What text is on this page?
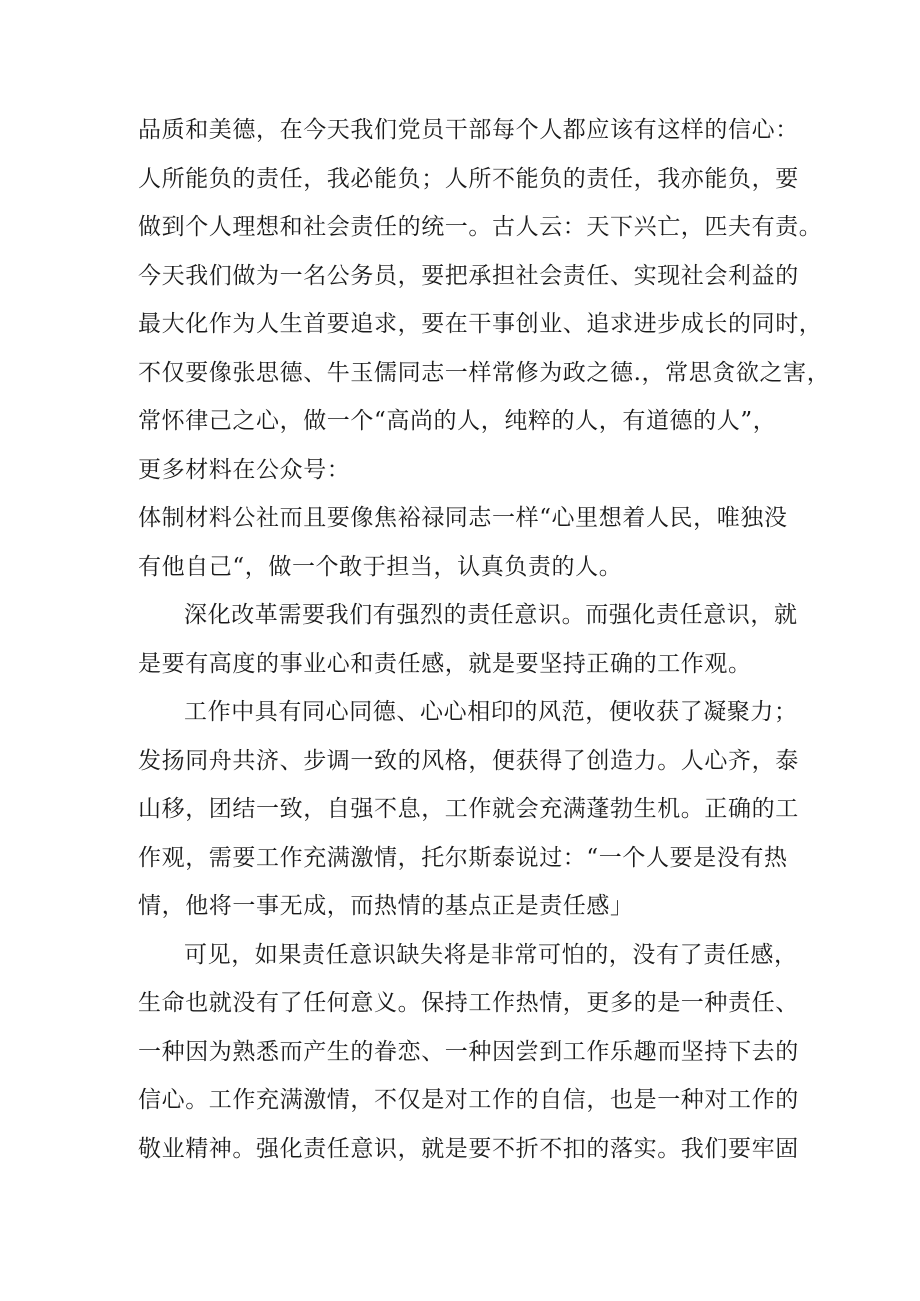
品质和美德，在今天我们党员干部每个人都应该有这样的信心：
人所能负的责任，我必能负；人所不能负的责任，我亦能负，要
做到个人理想和社会责任的统一。古人云：天下兴亡，匹夫有责。
今天我们做为一名公务员，要把承担社会责任、实现社会利益的
最大化作为人生首要追求，要在干事创业、追求进步成长的同时，
不仅要像张思德、牛玉儒同志一样常修为政之德.，常思贪欲之害，
常怀律己之心，做一个“高尚的人，纯粹的人，有道德的人”，
更多材料在公众号：
体制材料公社而且要像焦裕禄同志一样“心里想着人民，唯独没
有他自己“，做一个敢于担当，认真负责的人。
深化改革需要我们有强烈的责任意识。而强化责任意识，就
是要有高度的事业心和责任感，就是要坚持正确的工作观。
工作中具有同心同德、心心相印的风范，便收获了凝聚力；
发扬同舟共济、步调一致的风格，便获得了创造力。人心齐，泰
山移，团结一致，自强不息，工作就会充满蓬勃生机。正确的工
作观，需要工作充满激情，托尔斯泰说过：“一个人要是没有热
情，他将一事无成，而热情的基点正是责任感」
可见，如果责任意识缺失将是非常可怕的，没有了责任感，
生命也就没有了任何意义。保持工作热情，更多的是一种责任、
一种因为熟悉而产生的眷恋、一种因尝到工作乐趣而坚持下去的
信心。工作充满激情，不仅是对工作的自信，也是一种对工作的
敬业精神。强化责任意识，就是要不折不扣的落实。我们要牢固
